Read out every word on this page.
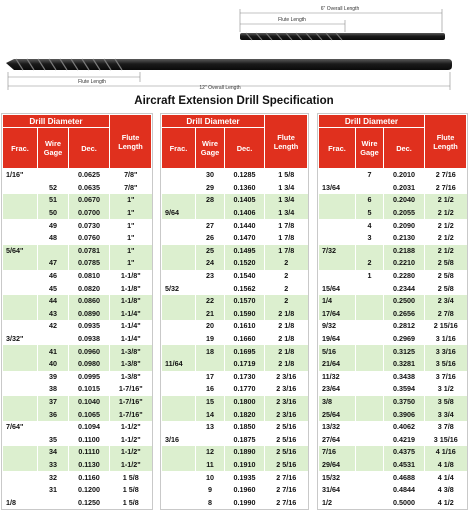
6" Overall Length
Flute Length
Flute Length
12" Overall Length
Aircraft Extension Drill Specification
Drill Diameter			Flute Length
Frac.	Wire Gage	Dec.	
1/16"		0.0625	7/8"
	52	0.0635	7/8"
	51	0.0670	1"
	50	0.0700	1"
	49	0.0730	1"
	48	0.0760	1"
5/64"		0.0781	1"
	47	0.0785	1"
	46	0.0810	1-1/8"
	45	0.0820	1-1/8"
	44	0.0860	1-1/8"
	43	0.0890	1-1/4"
	42	0.0935	1-1/4"
3/32"		0.0938	1-1/4"
	41	0.0960	1-3/8"
	40	0.0980	1-3/8"
	39	0.0995	1-3/8"
	38	0.1015	1-7/16"
	37	0.1040	1-7/16"
	36	0.1065	1-7/16"
7/64"		0.1094	1-1/2"
	35	0.1100	1-1/2"
	34	0.1110	1-1/2"
	33	0.1130	1-1/2"
	32	0.1160	1 5/8
	31	0.1200	1 5/8
1/8		0.1250	1 5/8
Drill Diameter			Flute Length
Frac.	Wire Gage	Dec.	
	30	0.1285	1 5/8
	29	0.1360	1 3/4
	28	0.1405	1 3/4
9/64		0.1406	1 3/4
	27	0.1440	1 7/8
	26	0.1470	1 7/8
	25	0.1495	1 7/8
	24	0.1520	2
	23	0.1540	2
5/32		0.1562	2
	22	0.1570	2
	21	0.1590	2 1/8
	20	0.1610	2 1/8
	19	0.1660	2 1/8
	18	0.1695	2 1/8
11/64		0.1719	2 1/8
	17	0.1730	2 3/16
	16	0.1770	2 3/16
	15	0.1800	2 3/16
	14	0.1820	2 3/16
	13	0.1850	2 5/16
3/16		0.1875	2 5/16
	12	0.1890	2 5/16
	11	0.1910	2 5/16
	10	0.1935	2 7/16
	9	0.1960	2 7/16
	8	0.1990	2 7/16
Drill Diameter			Flute Length
Frac.	Wire Gage	Dec.	
	7	0.2010	2 7/16
13/64		0.2031	2 7/16
	6	0.2040	2 1/2
	5	0.2055	2 1/2
	4	0.2090	2 1/2
	3	0.2130	2 1/2
7/32		0.2188	2 1/2
	2	0.2210	2 5/8
	1	0.2280	2 5/8
15/64		0.2344	2 5/8
1/4		0.2500	2 3/4
17/64		0.2656	2 7/8
9/32		0.2812	2 15/16
19/64		0.2969	3 1/16
5/16		0.3125	3 3/16
21/64		0.3281	3 5/16
11/32		0.3438	3 7/16
23/64		0.3594	3 1/2
3/8		0.3750	3 5/8
25/64		0.3906	3 3/4
13/32		0.4062	3 7/8
27/64		0.4219	3 15/16
7/16		0.4375	4 1/16
29/64		0.4531	4 1/8
15/32		0.4688	4 1/4
31/64		0.4844	4 3/8
1/2		0.5000	4 1/2
